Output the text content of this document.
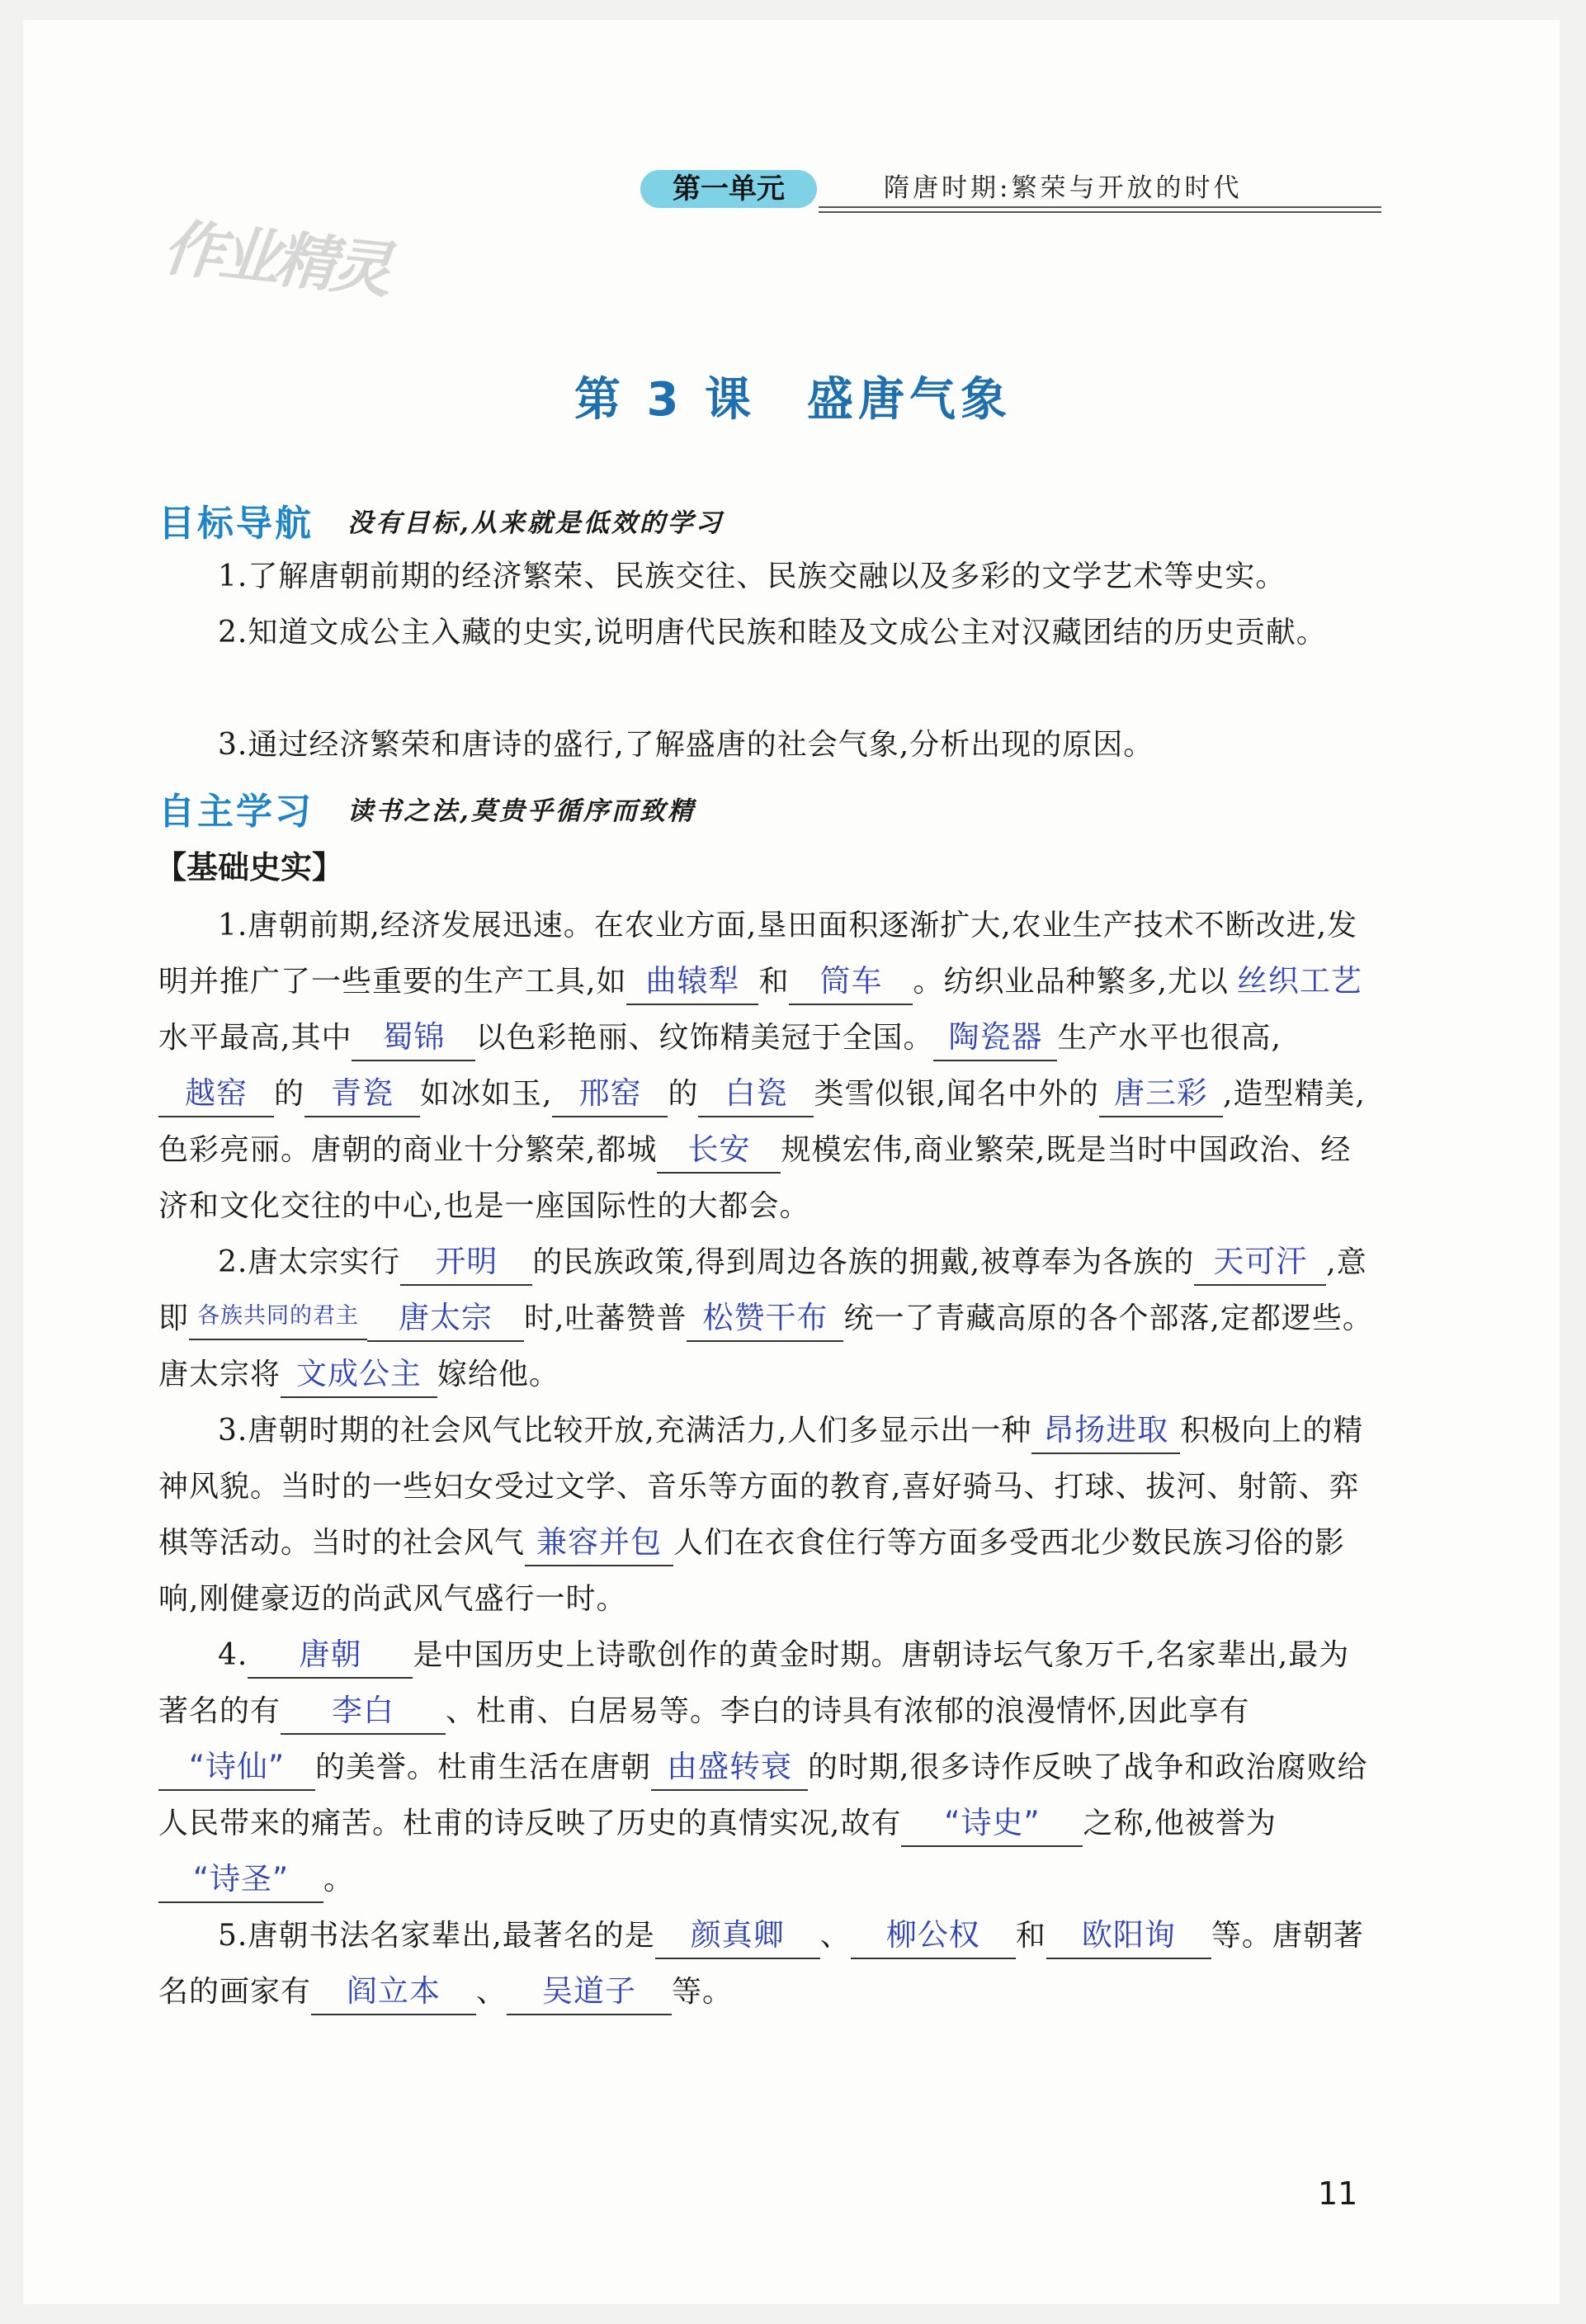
作业精灵
第一单元	隋唐时期:繁荣与开放的时代
第 3 课　盛唐气象
目标导航 没有目标,从来就是低效的学习
1.了解唐朝前期的经济繁荣、民族交往、民族交融以及多彩的文学艺术等史实。
2.知道文成公主入藏的史实,说明唐代民族和睦及文成公主对汉藏团结的历史贡献。
3.通过经济繁荣和唐诗的盛行,了解盛唐的社会气象,分析出现的原因。
自主学习 读书之法,莫贵乎循序而致精
【基础史实】
1.唐朝前期,经济发展迅速。在农业方面,垦田面积逐渐扩大,农业生产技术不断改进,发明并推广了一些重要的生产工具,如 曲辕犁 和 筒车 。纺织业品种繁多,尤以 丝织工艺水平最高,其中 蜀锦 以色彩艳丽、纹饰精美冠于全国。 陶瓷器 生产水平也很高,越窑 的 青瓷 如冰如玉, 邢窑 的 白瓷 类雪似银,闻名中外的 唐三彩 ,造型精美,色彩亮丽。唐朝的商业十分繁荣,都城 长安 规模宏伟,商业繁荣,既是当时中国政治、经济和文化交往的中心,也是一座国际性的大都会。
2.唐太宗实行 开明 的民族政策,得到周边各族的拥戴,被尊奉为各族的 天可汗 ,意即 各族共同的君主 唐太宗 时,吐蕃赞普 松赞干布 统一了青藏高原的各个部落,定都逻些。唐太宗将 文成公主 嫁给他。
3.唐朝时期的社会风气比较开放,充满活力,人们多显示出一种 昂扬进取 积极向上的精神风貌。当时的一些妇女受过文学、音乐等方面的教育,喜好骑马、打球、拔河、射箭、弈棋等活动。当时的社会风气 兼容并包 人们在衣食住行等方面多受西北少数民族习俗的影响,刚健豪迈的尚武风气盛行一时。
4. 唐朝 是中国历史上诗歌创作的黄金时期。唐朝诗坛气象万千,名家辈出,最为著名的有 李白 、杜甫、白居易等。李白的诗具有浓郁的浪漫情怀,因此享有“诗仙” 的美誉。杜甫生活在唐朝 由盛转衰 的时期,很多诗作反映了战争和政治腐败给人民带来的痛苦。杜甫的诗反映了历史的真情实况,故有 “诗史” 之称,他被誉为“诗圣” 。
5.唐朝书法名家辈出,最著名的是 颜真卿 、 柳公权 和 欧阳询 等。唐朝著名的画家有 阎立本 、 吴道子 等。
11
